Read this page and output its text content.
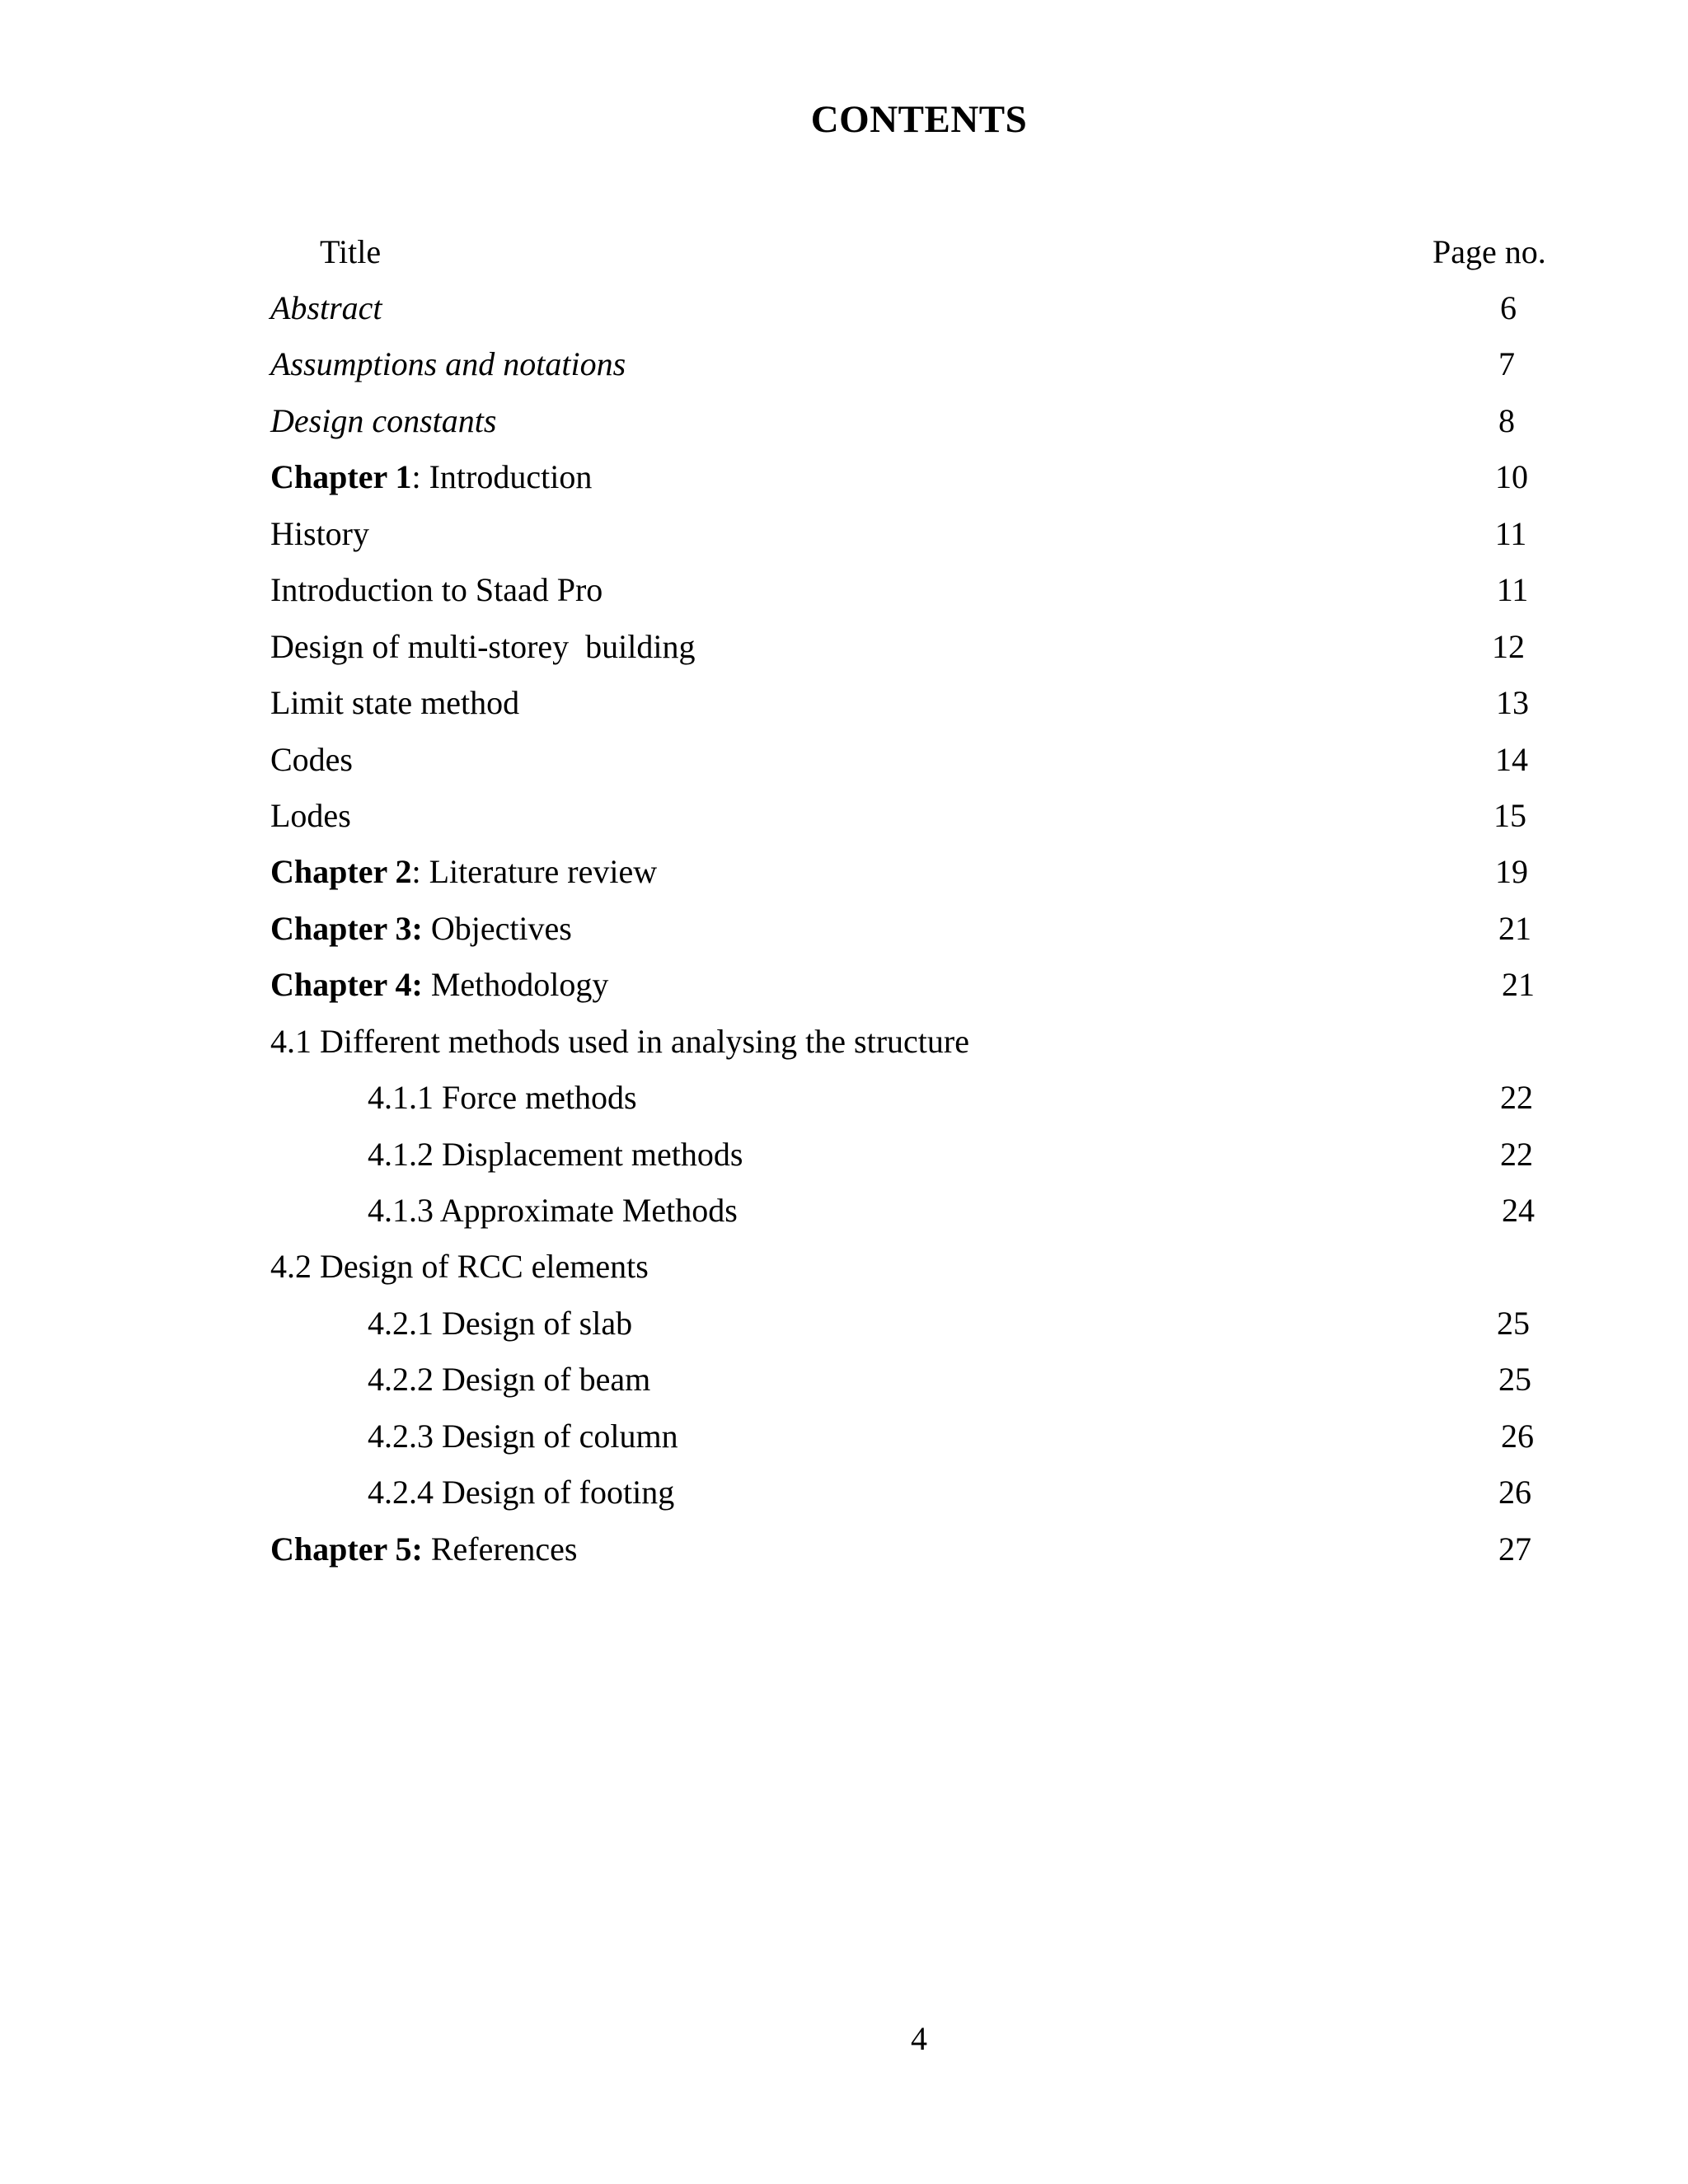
CONTENTS
Title	Page no.
Abstract	6
Assumptions and notations	7
Design constants	8
Chapter 1: Introduction	10
History	11
Introduction to Staad Pro	11
Design of multi-storey  building	12
Limit state method	13
Codes	14
Lodes	15
Chapter 2: Literature review	19
Chapter 3: Objectives	21
Chapter 4: Methodology	21
4.1 Different methods used in analysing the structure
4.1.1 Force methods	22
4.1.2 Displacement methods	22
4.1.3 Approximate Methods	24
4.2 Design of RCC elements
4.2.1 Design of slab	25
4.2.2 Design of beam	25
4.2.3 Design of column	26
4.2.4 Design of footing	26
Chapter 5: References	27
4
